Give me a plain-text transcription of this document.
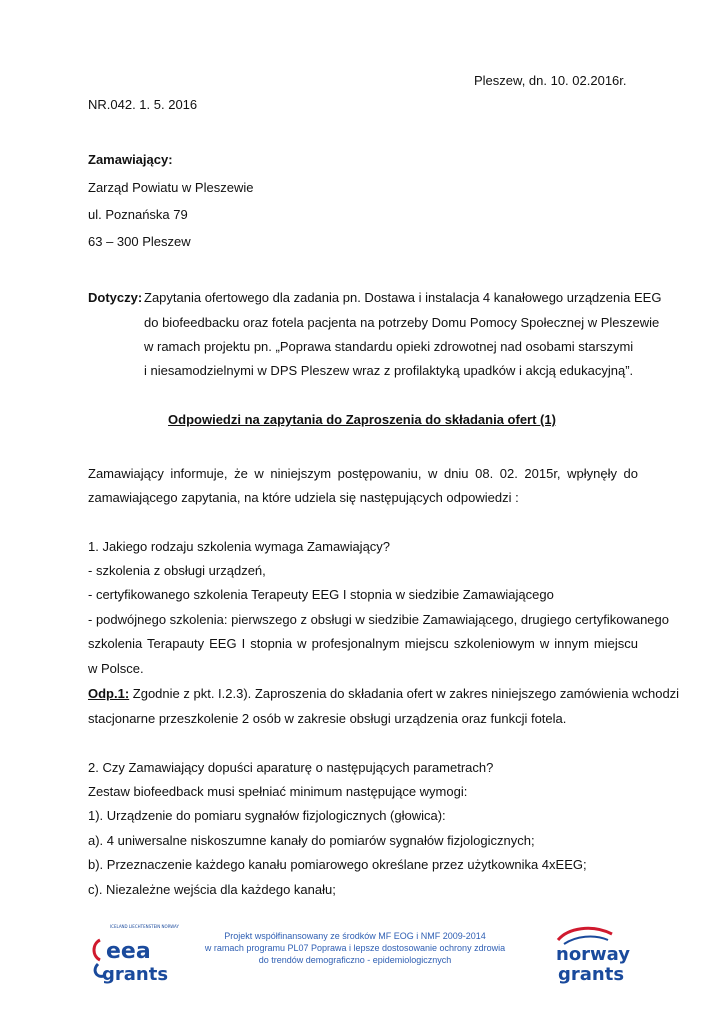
Pleszew, dn. 10. 02.2016r.
NR.042. 1. 5. 2016
Zamawiający:
Zarząd Powiatu w Pleszewie
ul. Poznańska 79
63 – 300 Pleszew
Dotyczy: Zapytania ofertowego dla zadania pn. Dostawa i instalacja 4 kanałowego urządzenia EEG
do biofeedbacku oraz fotela pacjenta na potrzeby Domu Pomocy Społecznej w Pleszewie
w ramach projektu pn. „Poprawa standardu opieki zdrowotnej nad osobami starszymi
i niesamodzielnymi w DPS Pleszew wraz z profilaktyką upadków i akcją edukacyjną”.
Odpowiedzi na zapytania do Zaproszenia do składania ofert (1)
Zamawiający informuje, że w niniejszym postępowaniu, w dniu 08. 02. 2015r, wpłynęły do
zamawiającego zapytania, na które udziela się następujących odpowiedzi :
1. Jakiego rodzaju szkolenia wymaga Zamawiający?
- szkolenia z obsługi urządzeń,
- certyfikowanego szkolenia Terapeuty EEG I stopnia w siedzibie Zamawiającego
- podwójnego szkolenia: pierwszego z obsługi w siedzibie Zamawiającego, drugiego certyfikowanego
szkolenia Terapauty EEG I stopnia w profesjonalnym miejscu szkoleniowym w innym miejscu
w Polsce.
Odp.1: Zgodnie z pkt. I.2.3). Zaproszenia do składania ofert w zakres niniejszego zamówienia wchodzi
stacjonarne przeszkolenie 2 osób w zakresie obsługi urządzenia oraz funkcji fotela.
2. Czy Zamawiający dopuści aparaturę o następujących parametrach?
Zestaw biofeedback musi spełniać minimum następujące wymogi:
1). Urządzenie do pomiaru sygnałów fizjologicznych (głowica):
a). 4 uniwersalne niskoszumne kanały do pomiarów sygnałów fizjologicznych;
b). Przeznaczenie każdego kanału pomiarowego określane przez użytkownika 4xEEG;
c). Niezależne wejścia dla każdego kanału;
ICELAND LIECHTENSTEIN NORWAY
eea
grants
Projekt współfinansowany ze środków MF EOG i NMF 2009-2014
w ramach programu PL07 Poprawa i lepsze dostosowanie ochrony zdrowia
do trendów demograficzno - epidemiologicznych	norway
grants
